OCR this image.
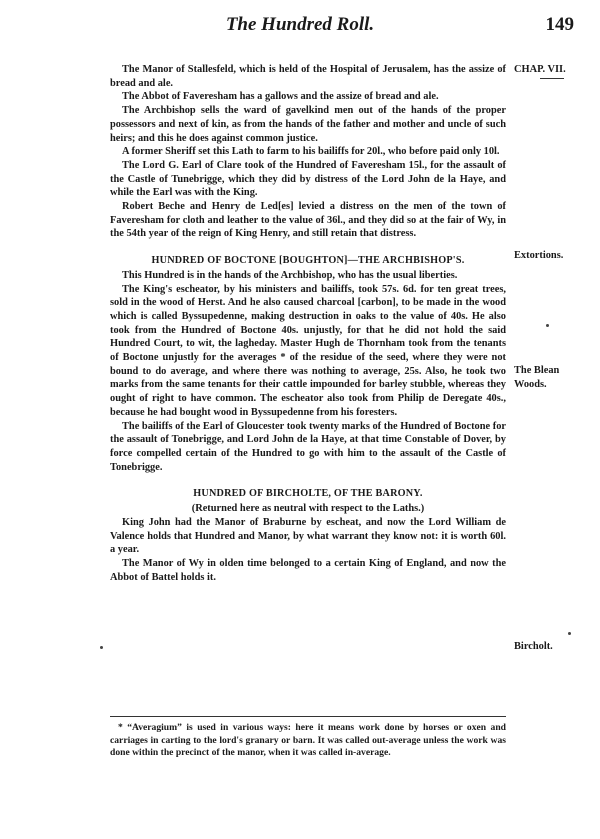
The Hundred Roll.	149
CHAP. VII.
Extortions.
The Blean Woods.
Bircholt.

The Manor of Stallesfeld, which is held of the Hospital of Jerusalem, has the assize of bread and ale.

The Abbot of Faveresham has a gallows and the assize of bread and ale.

The Archbishop sells the ward of gavelkind men out of the hands of the proper possessors and next of kin, as from the hands of the father and mother and uncle of such heirs; and this he does against common justice.

A former Sheriff set this Lath to farm to his bailiffs for 20l., who before paid only 10l.

The Lord G. Earl of Clare took of the Hundred of Faveresham 15l., for the assault of the Castle of Tunebrigge, which they did by distress of the Lord John de la Haye, and while the Earl was with the King.

Robert Beche and Henry de Led[es] levied a distress on the men of the town of Faveresham for cloth and leather to the value of 36l., and they did so at the fair of Wy, in the 54th year of the reign of King Henry, and still retain that distress.

HUNDRED OF BOCTONE [BOUGHTON]—THE ARCHBISHOP'S.

This Hundred is in the hands of the Archbishop, who has the usual liberties.

The King's escheator, by his ministers and bailiffs, took 57s. 6d. for ten great trees, sold in the wood of Herst. And he also caused charcoal [carbon], to be made in the wood which is called Byssupedenne, making destruction in oaks to the value of 40s. He also took from the Hundred of Boctone 40s. unjustly, for that he did not hold the said Hundred Court, to wit, the lagheday. Master Hugh de Thornham took from the tenants of Boctone unjustly for the averages * of the residue of the seed, where they were not bound to do average, and where there was nothing to average, 25s. Also, he took two marks from the same tenants for their cattle impounded for barley stubble, whereas they ought of right to have common. The escheator also took from Philip de Deregate 40s., because he had bought wood in Byssupedenne from his foresters.

The bailiffs of the Earl of Gloucester took twenty marks of the Hundred of Boctone for the assault of Tonebrigge, and Lord John de la Haye, at that time Constable of Dover, by force compelled certain of the Hundred to go with him to the assault of the Castle of Tonebrigge.

HUNDRED OF BIRCHOLTE, OF THE BARONY.

(Returned here as neutral with respect to the Laths.)

King John had the Manor of Braburne by escheat, and now the Lord William de Valence holds that Hundred and Manor, by what warrant they know not: it is worth 60l. a year.

The Manor of Wy in olden time belonged to a certain King of England, and now the Abbot of Battel holds it.

* “Averagium” is used in various ways: here it means work done by horses or oxen and carriages in carting to the lord's granary or barn. It was called out-average unless the work was done within the precinct of the manor, when it was called in-average.
